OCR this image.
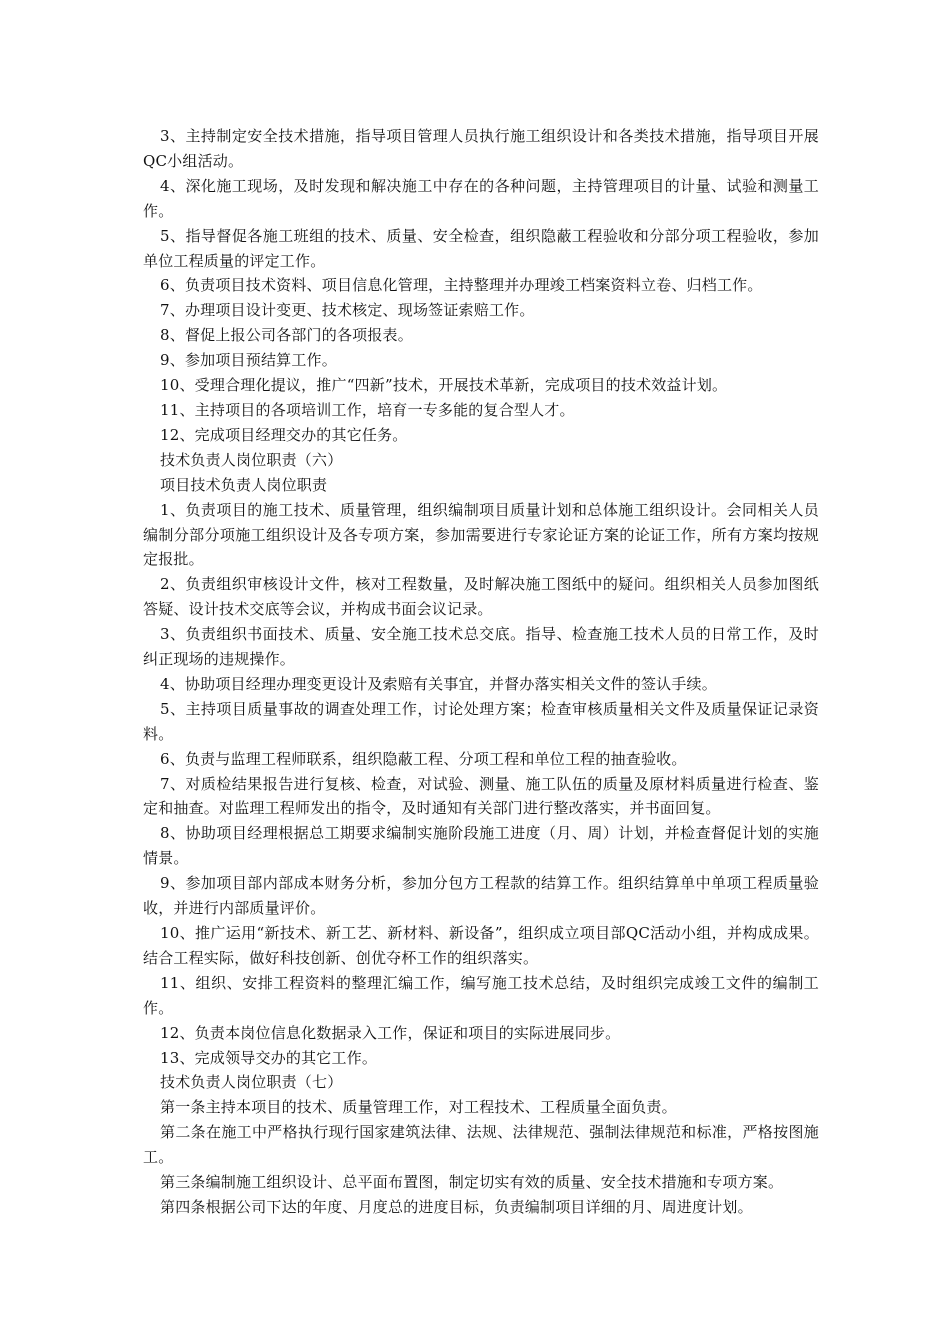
3、主持制定安全技术措施，指导项目管理人员执行施工组织设计和各类技术措施，指导项目开展QC小组活动。

4、深化施工现场，及时发现和解决施工中存在的各种问题，主持管理项目的计量、试验和测量工作。

5、指导督促各施工班组的技术、质量、安全检查，组织隐蔽工程验收和分部分项工程验收，参加单位工程质量的评定工作。

6、负责项目技术资料、项目信息化管理，主持整理并办理竣工档案资料立卷、归档工作。

7、办理项目设计变更、技术核定、现场签证索赔工作。

8、督促上报公司各部门的各项报表。

9、参加项目预结算工作。

10、受理合理化提议，推广“四新”技术，开展技术革新，完成项目的技术效益计划。

11、主持项目的各项培训工作，培育一专多能的复合型人才。

12、完成项目经理交办的其它任务。

技术负责人岗位职责（六）

项目技术负责人岗位职责

1、负责项目的施工技术、质量管理，组织编制项目质量计划和总体施工组织设计。会同相关人员编制分部分项施工组织设计及各专项方案，参加需要进行专家论证方案的论证工作，所有方案均按规定报批。

2、负责组织审核设计文件，核对工程数量，及时解决施工图纸中的疑问。组织相关人员参加图纸答疑、设计技术交底等会议，并构成书面会议记录。

3、负责组织书面技术、质量、安全施工技术总交底。指导、检查施工技术人员的日常工作，及时纠正现场的违规操作。

4、协助项目经理办理变更设计及索赔有关事宜，并督办落实相关文件的签认手续。

5、主持项目质量事故的调查处理工作，讨论处理方案；检查审核质量相关文件及质量保证记录资料。

6、负责与监理工程师联系，组织隐蔽工程、分项工程和单位工程的抽查验收。

7、对质检结果报告进行复核、检查，对试验、测量、施工队伍的质量及原材料质量进行检查、鉴定和抽查。对监理工程师发出的指令，及时通知有关部门进行整改落实，并书面回复。

8、协助项目经理根据总工期要求编制实施阶段施工进度（月、周）计划，并检查督促计划的实施情景。

9、参加项目部内部成本财务分析，参加分包方工程款的结算工作。组织结算单中单项工程质量验收，并进行内部质量评价。

10、推广运用“新技术、新工艺、新材料、新设备”，组织成立项目部QC活动小组，并构成成果。结合工程实际，做好科技创新、创优夺杯工作的组织落实。

11、组织、安排工程资料的整理汇编工作，编写施工技术总结，及时组织完成竣工文件的编制工作。

12、负责本岗位信息化数据录入工作，保证和项目的实际进展同步。

13、完成领导交办的其它工作。

技术负责人岗位职责（七）

第一条主持本项目的技术、质量管理工作，对工程技术、工程质量全面负责。

第二条在施工中严格执行现行国家建筑法律、法规、法律规范、强制法律规范和标准，严格按图施工。

第三条编制施工组织设计、总平面布置图，制定切实有效的质量、安全技术措施和专项方案。

第四条根据公司下达的年度、月度总的进度目标，负责编制项目详细的月、周进度计划。
